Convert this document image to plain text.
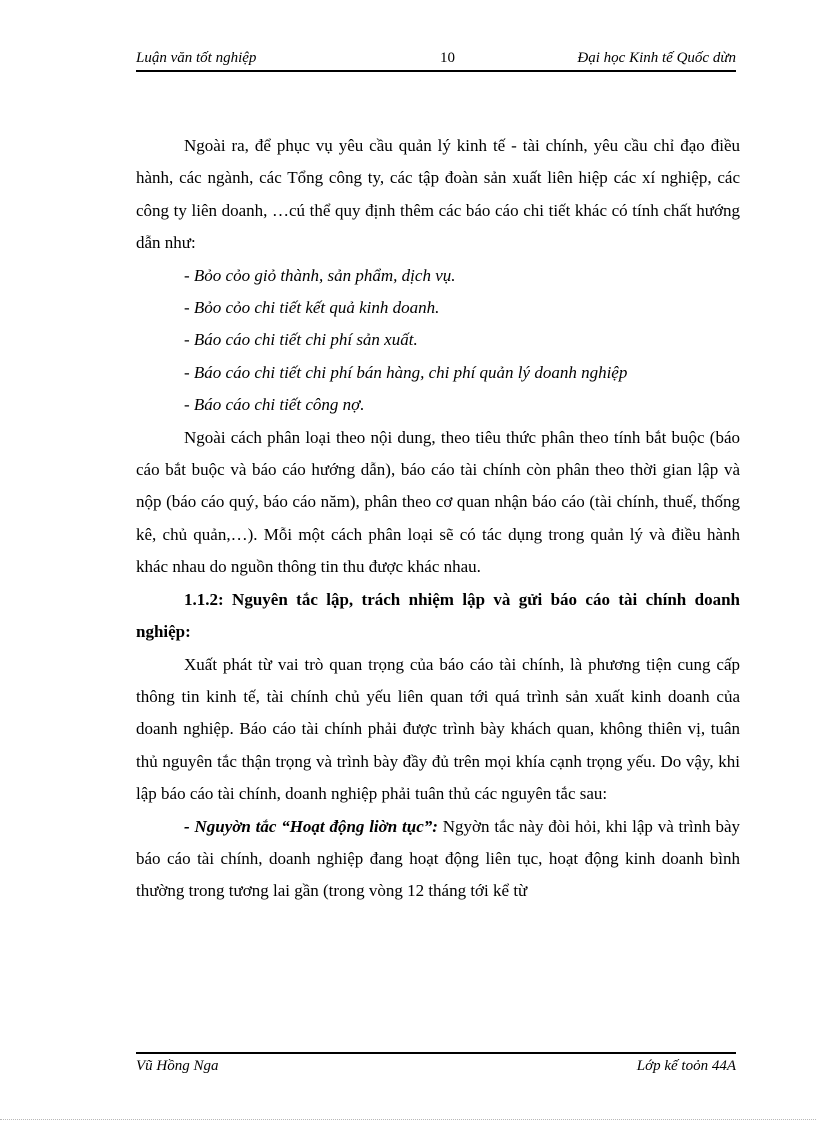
Luận văn tốt nghiệp	10	Đại học Kinh tế Quốc dừn

Ngoài ra, để phục vụ yêu cầu quản lý kinh tế - tài chính, yêu cầu chỉ đạo điều hành, các ngành, các Tổng công ty, các tập đoàn sản xuất liên hiệp các xí nghiệp, các công ty liên doanh, …cú thể quy định thêm các báo cáo chi tiết khác có tính chất hướng dẫn như:

- Bỏo cỏo giỏ thành, sản phẩm, dịch vụ.

- Bỏo cỏo chi tiết kết quả kinh doanh.

- Báo cáo chi tiết chi phí sản xuất.

- Báo cáo chi tiết chi phí bán hàng, chi phí quản lý doanh nghiệp

- Báo cáo chi tiết công nợ.

Ngoài cách phân loại theo nội dung, theo tiêu thức phân theo tính bắt buộc (báo cáo bắt buộc và báo cáo hướng dẫn), báo cáo tài chính còn phân theo thời gian lập và nộp (báo cáo quý, báo cáo năm), phân theo cơ quan nhận báo cáo (tài chính, thuế, thống kê, chủ quản,…). Mỗi một cách phân loại sẽ có tác dụng trong quản lý và điều hành khác nhau do nguồn thông tin thu được khác nhau.

1.1.2: Nguyên tắc lập, trách nhiệm lập và gửi báo cáo tài chính doanh nghiệp:

Xuất phát từ vai trò quan trọng của báo cáo tài chính, là phương tiện cung cấp thông tin kinh tế, tài chính chủ yếu liên quan tới quá trình sản xuất kinh doanh của doanh nghiệp. Báo cáo tài chính phải được trình bày khách quan, không thiên vị, tuân thủ nguyên tắc thận trọng và trình bày đầy đủ trên mọi khía cạnh trọng yếu. Do vậy, khi lập báo cáo tài chính, doanh nghiệp phải tuân thủ các nguyên tắc sau:

- Nguyờn tắc “Hoạt động liờn tục”: Ngyờn tắc này đòi hỏi, khi lập và trình bày báo cáo tài chính, doanh nghiệp đang hoạt động liên tục, hoạt động kinh doanh bình thường trong tương lai gần (trong vòng 12 tháng tới kể từ

Vũ Hồng Nga	Lớp kế toỏn 44A
